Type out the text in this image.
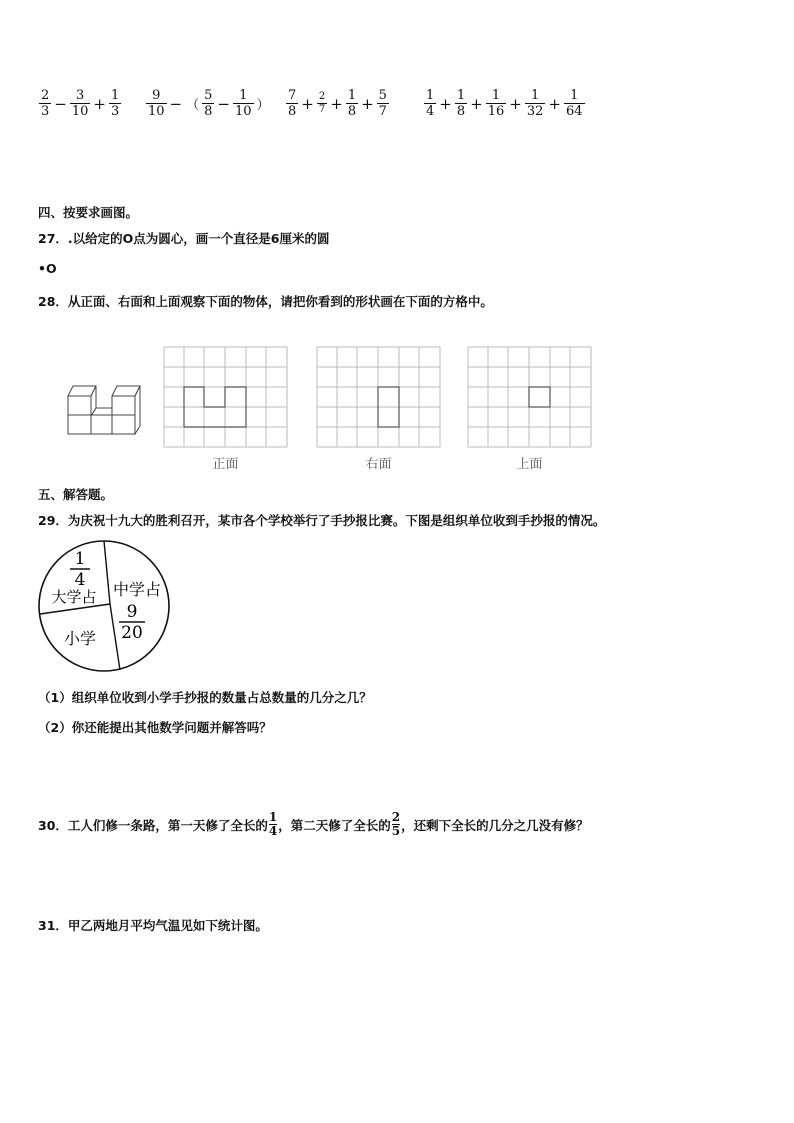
$\frac{2}{3} - \frac{3}{10} + \frac{1}{3} \frac{9}{10}$ − （ $\frac{5}{8} - \frac{1}{10}$ ） $\frac{7}{8} + \frac{2}{7} + \frac{1}{8} + \frac{5}{7}$	$\frac{1}{4} + \frac{1}{8} + \frac{1}{16} + \frac{1}{32} + \frac{1}{64}$
四、按要求画图。
27．.以给定的O点为圆心，画一个直径是6厘米的圆
•O
28．从正面、右面和上面观察下面的物体，请把你看到的形状画在下面的方格中。
正面	右面	上面
五、解答题。
29．为庆祝十九大的胜利召开，某市各个学校举行了手抄报比赛。下图是组织单位收到手抄报的情况。
1
4
大学占 中学占
9
20
小学
（1）组织单位收到小学手抄报的数量占总数量的几分之几？
（2）你还能提出其他数学问题并解答吗？
30．工人们修一条路，第一天修了全长的 $\frac{1}{4}$ ，第二天修了全长的 $\frac{2}{5}$ ，还剩下全长的几分之几没有修？
31．甲乙两地月平均气温见如下统计图。
